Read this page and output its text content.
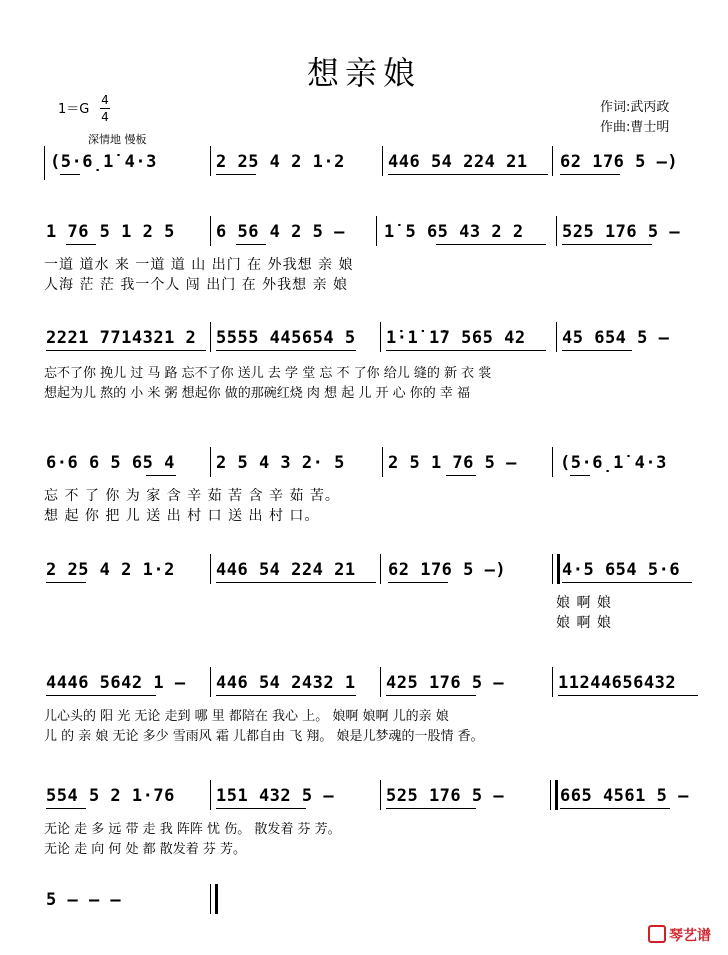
想亲娘
1＝G
4
4
深情地 慢板
作词:武丙政
作曲:曹士明
(5·6̣1̇ 4·3	2 25 4 2 1·2	446 54 224 21 62 176 5 –)
1 76 5 1 2 5 6 56 4 2 5 – 1̇ 5 65 43 2 2 525 176 5 –
一道 道水 来 一道 道 山 出门 在 外我想 亲 娘
人海 茫 茫 我一个人 闯 出门 在 外我想 亲 娘
2221 7714321 2 5555 445654 5 1̇·1̇ 1̇7 565 42 45 654 5 –
忘不了你 挽儿 过 马 路 忘不了你 送儿 去 学 堂 忘 不 了你 给儿 缝的 新 衣 裳
想起为儿 熬的 小 米 粥 想起你 做的那碗红烧 肉 想 起 儿 开 心 你的 幸 福
6·6 6 5 65 4 2 5 4 3 2· 5	2 5 1 76 5 –	(5·6̣1̇ 4·3
忘 不 了 你 为 家 含 辛 茹 苦 含 辛 茹 苦。
想 起 你 把 儿 送 出 村 口 送 出 村 口。
2 25 4 2 1·2 446 54 224 21 62 176 5 –)	4·5 654 5·6
娘 啊 娘
娘 啊 娘
4446 5642 1 – 446 54 2432 1 425 176 5 –	11244656432
儿心头的 阳 光 无论 走到 哪 里 都陪在 我心 上。 娘啊 娘啊 儿的亲 娘
儿 的 亲 娘 无论 多少 雪雨风 霜 儿都自由 飞 翔。 娘是儿梦魂的一股情 香。
554 5 2 1·76 151 432 5 –	525 176 5 –	665 4561 5 –
无论 走 多 远 带 走 我 阵阵 忧 伤。 散发着 芬 芳。
无论 走 向 何 处 都 散发着 芬 芳。
5 – – –
琴艺谱
